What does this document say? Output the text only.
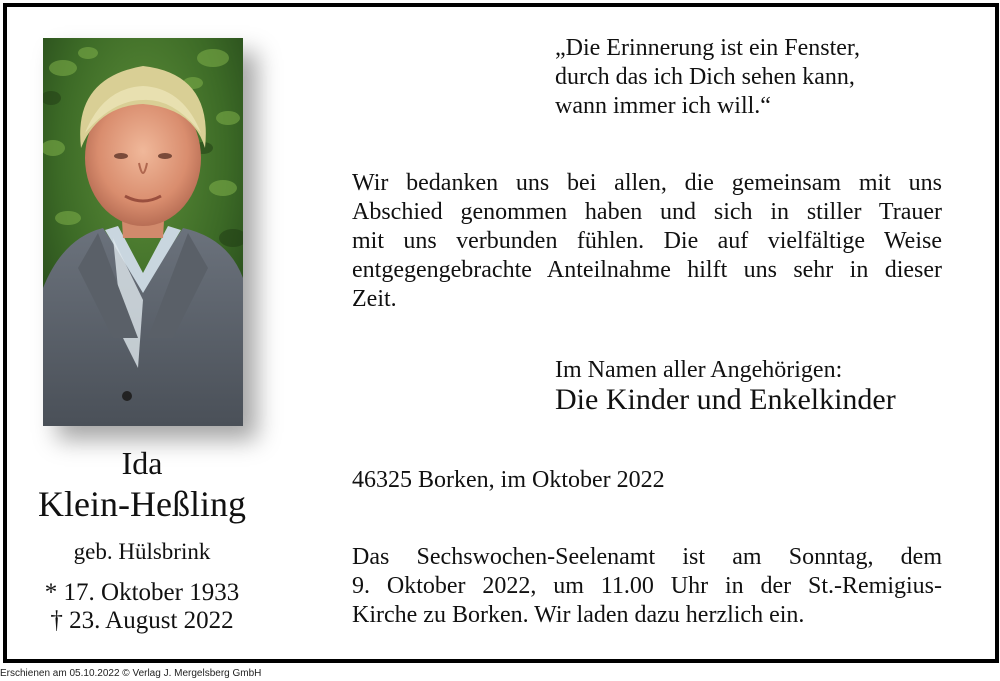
Ida
Klein-Heßling
geb. Hülsbrink
* 17. Oktober 1933
† 23. August 2022
„Die Erinnerung ist ein Fenster,
durch das ich Dich sehen kann,
wann immer ich will.“
Wir bedanken uns bei allen, die gemeinsam mit uns
Abschied genommen haben und sich in stiller Trauer
mit uns verbunden fühlen. Die auf vielfältige Weise
entgegengebrachte Anteilnahme hilft uns sehr in dieser
Zeit.
Im Namen aller Angehörigen:
Die Kinder und Enkelkinder
46325 Borken, im Oktober 2022
Das Sechswochen-Seelenamt ist am Sonntag, dem
9. Oktober 2022, um 11.00 Uhr in der St.-Remigius-
Kirche zu Borken. Wir laden dazu herzlich ein.
Erschienen am 05.10.2022 © Verlag J. Mergelsberg GmbH
